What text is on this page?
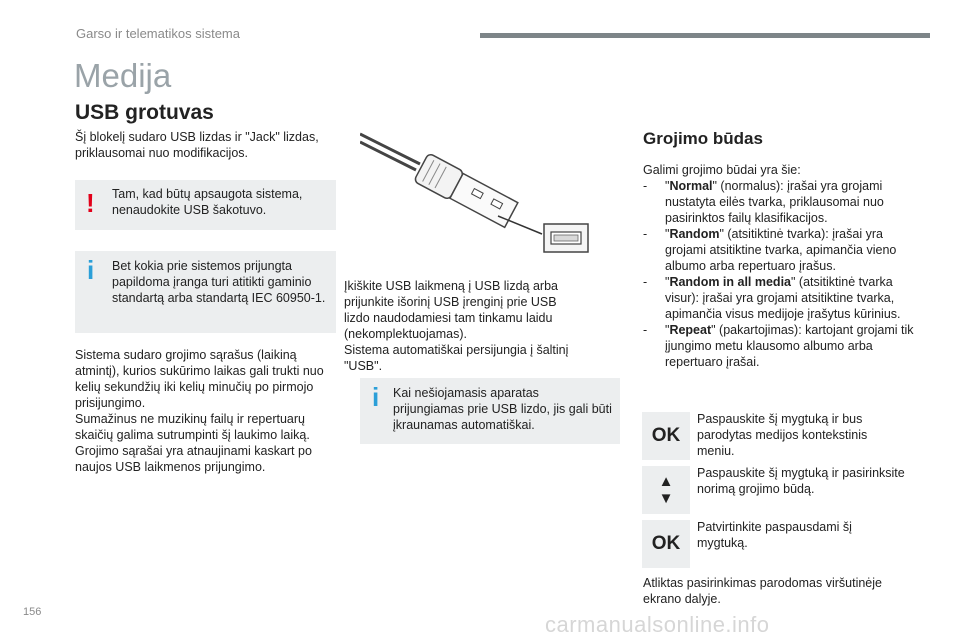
Garso ir telematikos sistema
Medija
USB grotuvas
Šį blokelį sudaro USB lizdas ir "Jack" lizdas,
priklausomai nuo modifikacijos.
! Tam, kad būtų apsaugota sistema,
nenaudokite USB šakotuvo.
i Bet kokia prie sistemos prijungta
papildoma įranga turi atitikti gaminio
standartą arba standartą IEC 60950-1.
Sistema sudaro grojimo sąrašus (laikiną
atmintį), kurios sukūrimo laikas gali trukti nuo
kelių sekundžių iki kelių minučių po pirmojo
prisijungimo.
Sumažinus ne muzikinų failų ir repertuarų
skaičių galima sutrumpinti šį laukimo laiką.
Grojimo sąrašai yra atnaujinami kaskart po
naujos USB laikmenos prijungimo.
Įkiškite USB laikmeną į USB lizdą arba
prijunkite išorinį USB įrenginį prie USB
lizdo naudodamiesi tam tinkamu laidu
(nekomplektuojamas).
Sistema automatiškai persijungia į šaltinį
"USB".
i Kai nešiojamasis aparatas
prijungiamas prie USB lizdo, jis gali būti
įkraunamas automatiškai.
Grojimo būdas
Galimi grojimo būdai yra šie:
- "Normal" (normalus): įrašai yra grojami nustatyta eilės tvarka, priklausomai nuo pasirinktos failų klasifikacijos.
- "Random" (atsitiktinė tvarka): įrašai yra grojami atsitiktine tvarka, apimančia vieno albumo arba repertuaro įrašus.
- "Random in all media" (atsitiktinė tvarka visur): įrašai yra grojami atsitiktine tvarka, apimančia visus medijoje įrašytus kūrinius.
- "Repeat" (pakartojimas): kartojant grojami tik įjungimo metu klausomo albumo arba repertuaro įrašai.
OK
Paspauskite šį mygtuką ir bus
parodytas medijos kontekstinis
meniu.
▲
▼
Paspauskite šį mygtuką ir pasirinksite
norimą grojimo būdą.
OK
Patvirtinkite paspausdami šį
mygtuką.
Atliktas pasirinkimas parodomas viršutinėje
ekrano dalyje.
156	carmanualsonline.info
